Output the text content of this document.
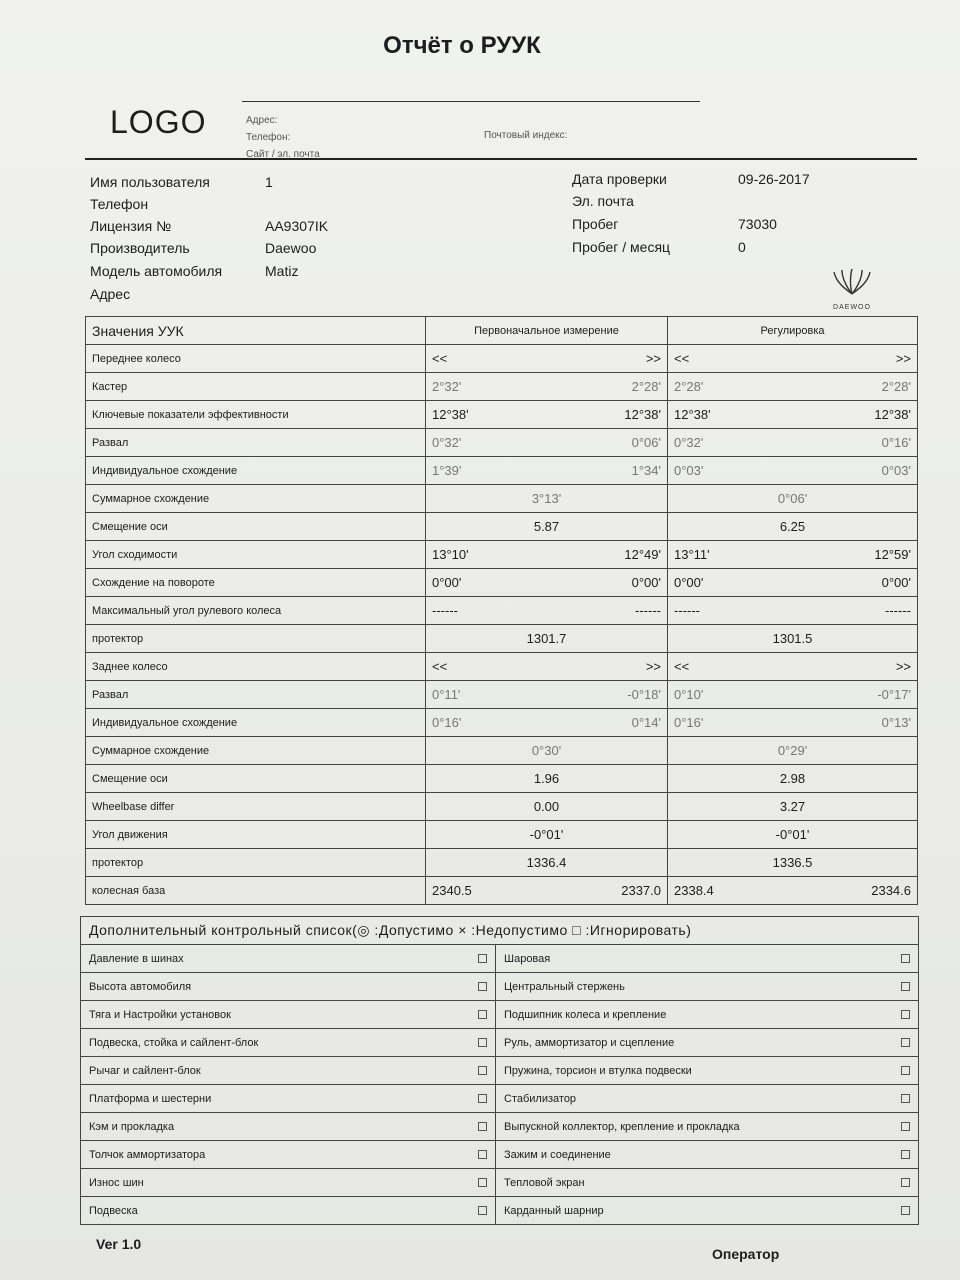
Отчёт о РУУК
LOGO	Адрес:
Телефон:
Сайт / эл. почта
Почтовый индекс:
Имя пользователя	1
Телефон
Лицензия №	AA9307IK
Производитель	Daewoo
Модель автомобиля	Matiz
Адрес
Дата проверки	09-26-2017
Эл. почта
Пробег	73030
Пробег / месяц	0
DAEWOO
Значения УУК	Первоначальное измерение	Регулировка
Переднее колесо	<< >>	<< >>

Кастер	2°32' 2°28'	2°28' 2°28'

Ключевые показатели эффективности	12°38' 12°38'	12°38' 12°38'

Развал	0°32' 0°06'	0°32' 0°16'

Индивидуальное схождение	1°39' 1°34'	0°03' 0°03'

Суммарное схождение	3°13'	0°06'

Смещение оси	5.87	6.25

Угол сходимости	13°10' 12°49'	13°11' 12°59'

Схождение на повороте	0°00' 0°00'	0°00' 0°00'

Максимальный угол рулевого колеса	------ ------	------ ------

протектор	1301.7	1301.5

Заднее колесо	<< >>	<< >>

Развал	0°11' -0°18'	0°10' -0°17'

Индивидуальное схождение	0°16' 0°14'	0°16' 0°13'

Суммарное схождение	0°30'	0°29'

Смещение оси	1.96	2.98

Wheelbase differ	0.00	3.27

Угол движения	-0°01'	-0°01'

протектор	1336.4	1336.5

колесная база	2340.5 2337.0	2338.4 2334.6
Дополнительный контрольный список(◎ :Допустимо × :Недопустимо □ :Игнорировать)	

Давление в шинах	Шаровая

Высота автомобиля	Центральный стержень

Тяга и Настройки установок	Подшипник колеса и крепление

Подвеска, стойка и сайлент-блок	Руль, аммортизатор и сцепление

Рычаг и сайлент-блок	Пружина, торсион и втулка подвески

Платформа и шестерни	Стабилизатор

Кэм и прокладка	Выпускной коллектор, крепление и прокладка

Толчок аммортизатора	Зажим и соединение

Износ шин	Тепловой экран

Подвеска	Карданный шарнир
Ver 1.0
Оператор
